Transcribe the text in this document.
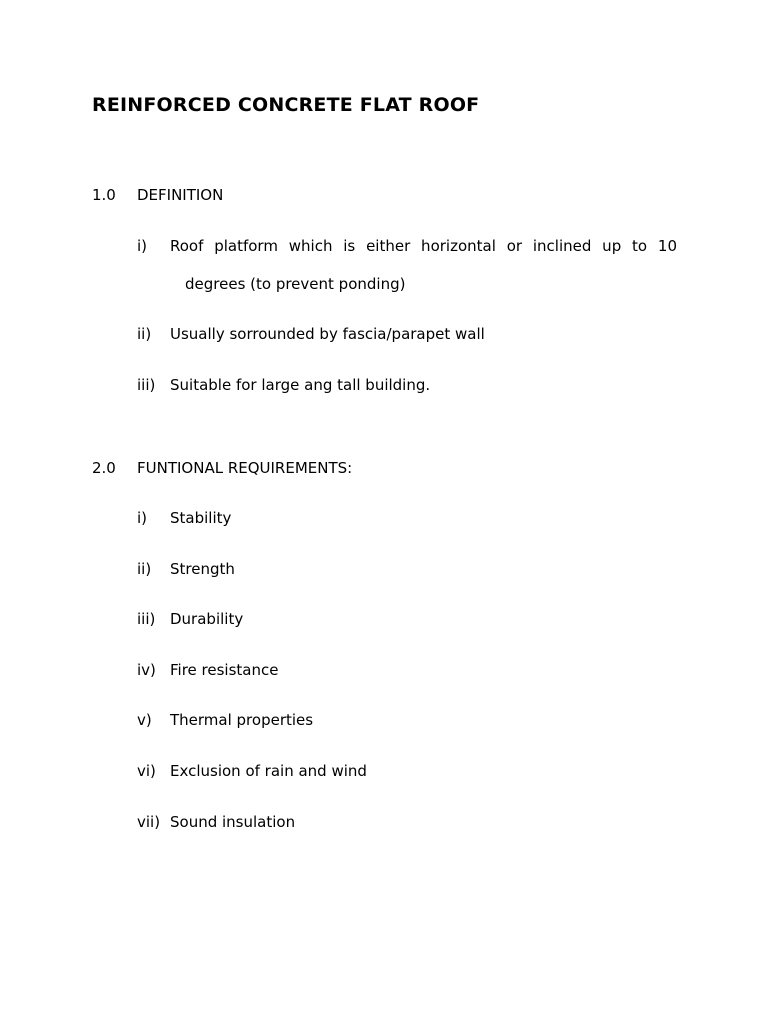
REINFORCED CONCRETE FLAT ROOF
1.0 DEFINITION
i) Roof platform which is either horizontal or inclined up to 10
degrees (to prevent ponding)
ii) Usually sorrounded by fascia/parapet wall
iii) Suitable for large ang tall building.
2.0 FUNTIONAL REQUIREMENTS:
i) Stability
ii) Strength
iii) Durability
iv) Fire resistance
v) Thermal properties
vi) Exclusion of rain and wind
vii) Sound insulation
